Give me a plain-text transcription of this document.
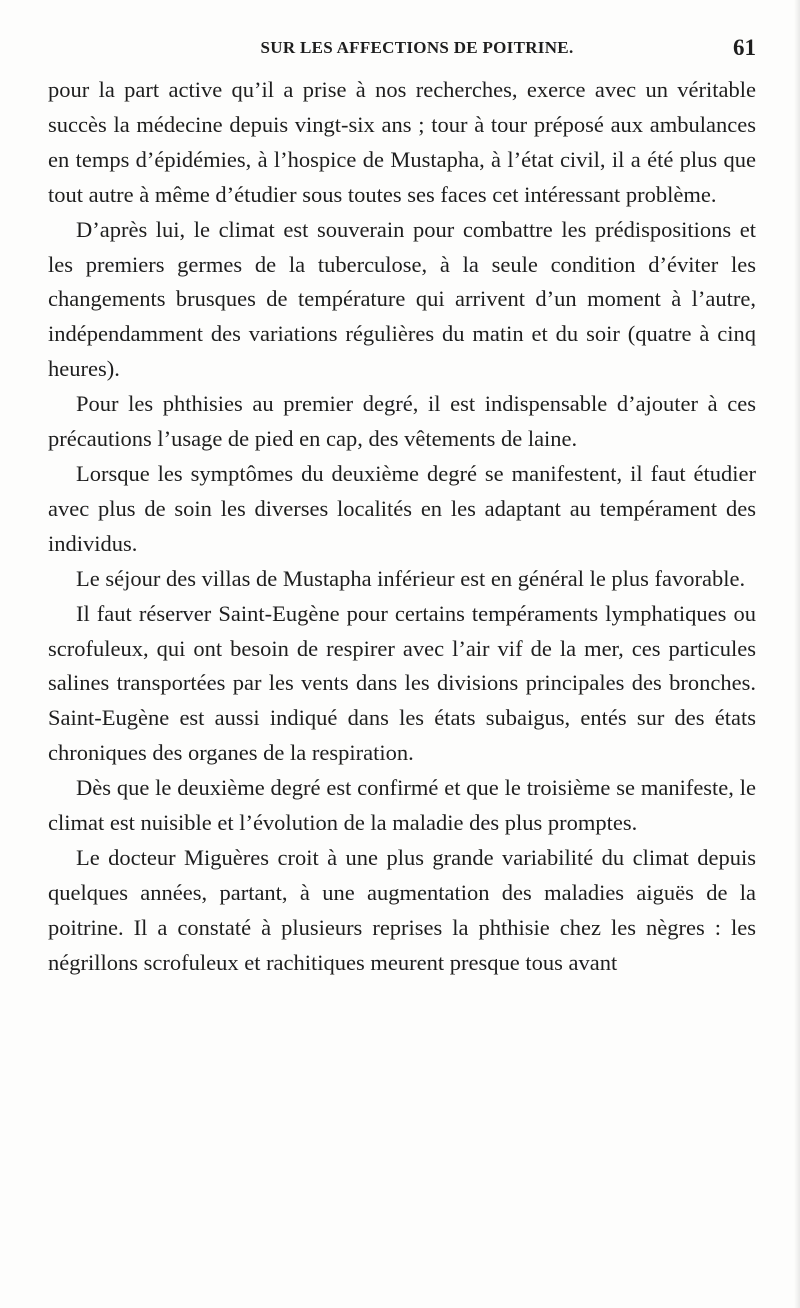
SUR LES AFFECTIONS DE POITRINE.	61

pour la part active qu’il a prise à nos recherches, exerce avec un véritable succès la médecine depuis vingt-six ans ; tour à tour préposé aux ambulances en temps d’épidémies, à l’hospice de Mustapha, à l’état civil, il a été plus que tout autre à même d’étudier sous toutes ses faces cet intéressant problème.

D’après lui, le climat est souverain pour combattre les prédispositions et les premiers germes de la tuberculose, à la seule condition d’éviter les changements brusques de température qui arrivent d’un moment à l’autre, indépendamment des variations régulières du matin et du soir (quatre à cinq heures).

Pour les phthisies au premier degré, il est indispensable d’ajouter à ces précautions l’usage de pied en cap, des vêtements de laine.

Lorsque les symptômes du deuxième degré se manifestent, il faut étudier avec plus de soin les diverses localités en les adaptant au tempérament des individus.

Le séjour des villas de Mustapha inférieur est en général le plus favorable.

Il faut réserver Saint-Eugène pour certains tempéraments lymphatiques ou scrofuleux, qui ont besoin de respirer avec l’air vif de la mer, ces particules salines transportées par les vents dans les divisions principales des bronches. Saint-Eugène est aussi indiqué dans les états subaigus, entés sur des états chroniques des organes de la respiration.

Dès que le deuxième degré est confirmé et que le troisième se manifeste, le climat est nuisible et l’évolution de la maladie des plus promptes.

Le docteur Miguères croit à une plus grande variabilité du climat depuis quelques années, partant, à une augmentation des maladies aiguës de la poitrine. Il a constaté à plusieurs reprises la phthisie chez les nègres : les négrillons scrofuleux et rachitiques meurent presque tous avant
